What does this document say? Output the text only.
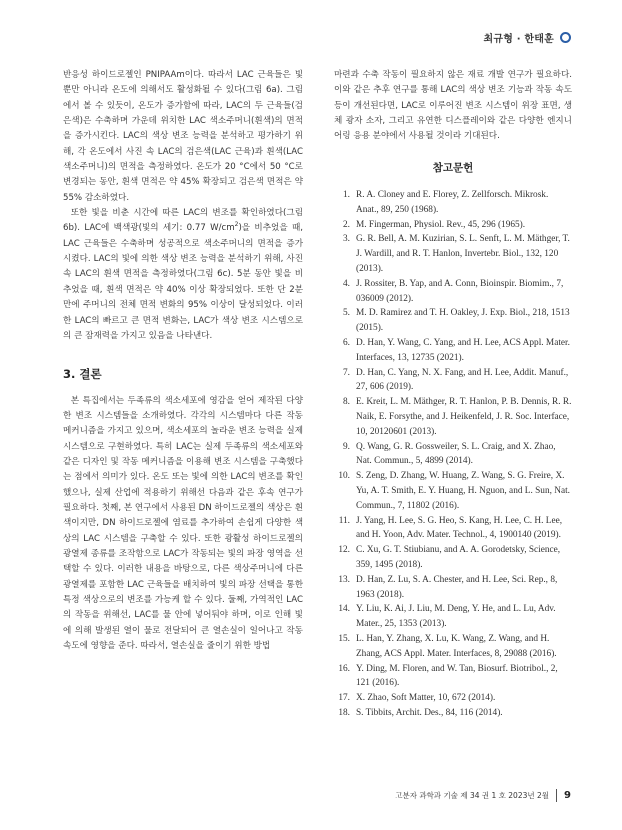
최규형 · 한태훈

반응성 하이드로젤인 PNIPAAm이다. 따라서 LAC 근육들은 빛 뿐만 아니라 온도에 의해서도 활성화될 수 있다(그림 6a). 그림에서 볼 수 있듯이, 온도가 증가함에 따라, LAC의 두 근육들(검은색)은 수축하며 가운데 위치한 LAC 색소주머니(흰색)의 면적을 증가시킨다. LAC의 색상 변조 능력을 분석하고 평가하기 위해, 각 온도에서 사진 속 LAC의 검은색(LAC 근육)과 흰색(LAC 색소주머니)의 면적을 측정하였다. 온도가 20 °C에서 50 °C로 변경되는 동안, 흰색 면적은 약 45% 확장되고 검은색 면적은 약 55% 감소하였다.

또한 빛을 비춘 시간에 따른 LAC의 변조를 확인하였다(그림 6b). LAC에 백색광(빛의 세기: 0.77 $W/cm^2$)을 비추었을 때, LAC 근육들은 수축하며 성공적으로 색소주머니의 면적을 증가시켰다. LAC의 빛에 의한 색상 변조 능력을 분석하기 위해, 사진 속 LAC의 흰색 면적을 측정하였다(그림 6c). 5분 동안 빛을 비추었을 때, 흰색 면적은 약 40% 이상 확장되었다. 또한 단 2분 만에 주머니의 전체 면적 변화의 95% 이상이 달성되었다. 이러한 LAC의 빠르고 큰 면적 변화는, LAC가 색상 변조 시스템으로의 큰 잠재력을 가지고 있음을 나타낸다.

3. 결론

본 특집에서는 두족류의 색소세포에 영감을 얻어 제작된 다양한 변조 시스템들을 소개하였다. 각각의 시스템마다 다른 작동 메커니즘을 가지고 있으며, 색소세포의 놀라운 변조 능력을 실제 시스템으로 구현하였다. 특히 LAC는 실제 두족류의 색소세포와 같은 디자인 및 작동 메커니즘을 이용해 변조 시스템을 구축했다는 점에서 의미가 있다. 온도 또는 빛에 의한 LAC의 변조를 확인했으나, 실제 산업에 적용하기 위해선 다음과 같은 후속 연구가 필요하다. 첫째, 본 연구에서 사용된 DN 하이드로젤의 색상은 흰색이지만, DN 하이드로젤에 염료를 추가하여 손쉽게 다양한 색상의 LAC 시스템을 구축할 수 있다. 또한 광활성 하이드로젤의 광열제 종류를 조작함으로 LAC가 작동되는 빛의 파장 영역을 선택할 수 있다. 이러한 내용을 바탕으로, 다른 색상주머니에 다른 광열제를 포함한 LAC 근육들을 배치하여 빛의 파장 선택을 통한 특정 색상으로의 변조를 가능케 할 수 있다. 둘째, 가역적인 LAC의 작동을 위해선, LAC를 물 안에 넣어둬야 하며, 이로 인해 빛에 의해 발생된 열이 물로 전달되어 큰 열손실이 일어나고 작동 속도에 영향을 준다. 따라서, 열손실을 줄이기 위한 방법

마련과 수축 작동이 필요하지 않은 재료 개발 연구가 필요하다. 이와 같은 추후 연구를 통해 LAC의 색상 변조 기능과 작동 속도 등이 개선된다면, LAC로 이루어진 변조 시스템이 위장 표면, 생체 광자 소자, 그리고 유연한 디스플레이와 같은 다양한 엔지니어링 응용 분야에서 사용될 것이라 기대된다.

참고문헌
1. R. A. Cloney and E. Florey, Z. Zellforsch. Mikrosk. Anat., 89, 250 (1968).
2. M. Fingerman, Physiol. Rev., 45, 296 (1965).
3. G. R. Bell, A. M. Kuzirian, S. L. Senft, L. M. Mäthger, T. J. Wardill, and R. T. Hanlon, Invertebr. Biol., 132, 120 (2013).
4. J. Rossiter, B. Yap, and A. Conn, Bioinspir. Biomim., 7, 036009 (2012).
5. M. D. Ramirez and T. H. Oakley, J. Exp. Biol., 218, 1513 (2015).
6. D. Han, Y. Wang, C. Yang, and H. Lee, ACS Appl. Mater. Interfaces, 13, 12735 (2021).
7. D. Han, C. Yang, N. X. Fang, and H. Lee, Addit. Manuf., 27, 606 (2019).
8. E. Kreit, L. M. Mäthger, R. T. Hanlon, P. B. Dennis, R. R. Naik, E. Forsythe, and J. Heikenfeld, J. R. Soc. Interface, 10, 20120601 (2013).
9. Q. Wang, G. R. Gossweiler, S. L. Craig, and X. Zhao, Nat. Commun., 5, 4899 (2014).
10. S. Zeng, D. Zhang, W. Huang, Z. Wang, S. G. Freire, X. Yu, A. T. Smith, E. Y. Huang, H. Nguon, and L. Sun, Nat. Commun., 7, 11802 (2016).
11. J. Yang, H. Lee, S. G. Heo, S. Kang, H. Lee, C. H. Lee, and H. Yoon, Adv. Mater. Technol., 4, 1900140 (2019).
12. C. Xu, G. T. Stiubianu, and A. A. Gorodetsky, Science, 359, 1495 (2018).
13. D. Han, Z. Lu, S. A. Chester, and H. Lee, Sci. Rep., 8, 1963 (2018).
14. Y. Liu, K. Ai, J. Liu, M. Deng, Y. He, and L. Lu, Adv. Mater., 25, 1353 (2013).
15. L. Han, Y. Zhang, X. Lu, K. Wang, Z. Wang, and H. Zhang, ACS Appl. Mater. Interfaces, 8, 29088 (2016).
16. Y. Ding, M. Floren, and W. Tan, Biosurf. Biotribol., 2, 121 (2016).
17. X. Zhao, Soft Matter, 10, 672 (2014).
18. S. Tibbits, Archit. Des., 84, 116 (2014).
고분자 과학과 기술 제 34 권 1 호 2023년 2월 9
